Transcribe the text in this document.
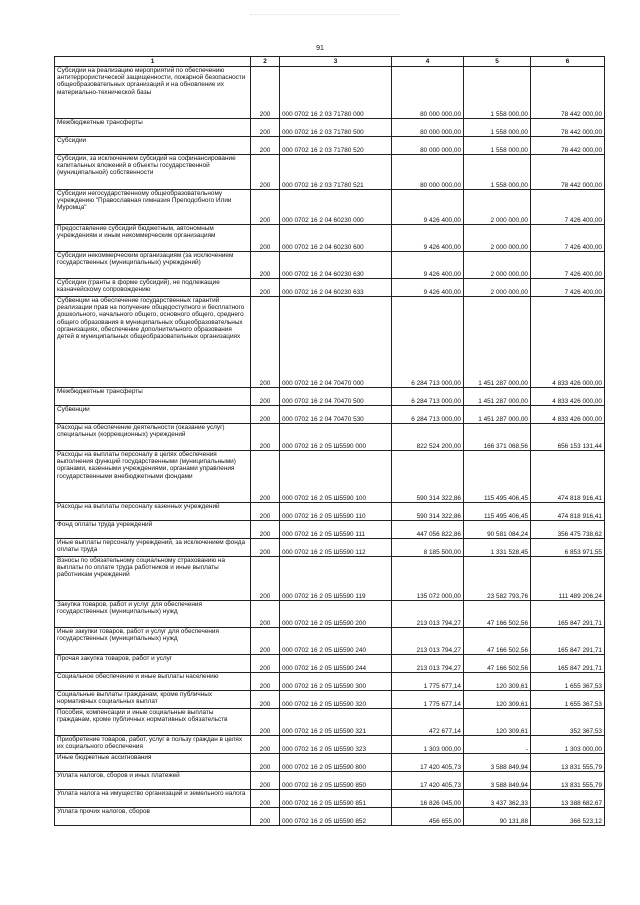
91
1	2	3	4	5	6
Субсидии на реализацию мероприятий по обеспечению антитеррористической защищенности, пожарной безопасности общеобразовательных организаций и на обновление их материально-технической базы	200	000 0702 16 2 03 71780 000	80 000 000,00	1 558 000,00	78 442 000,00
Межбюджетные трансферты	200	000 0702 16 2 03 71780 500	80 000 000,00	1 558 000,00	78 442 000,00
Субсидии	200	000 0702 16 2 03 71780 520	80 000 000,00	1 558 000,00	78 442 000,00
Субсидии, за исключением субсидий на софинансирование капитальных вложений в объекты государственной (муниципальной) собственности	200	000 0702 16 2 03 71780 521	80 000 000,00	1 558 000,00	78 442 000,00
Субсидии негосударственному общеобразовательному учреждению "Православная гимназия Преподобного Илии Муромца"	200	000 0702 16 2 04 60230 000	9 426 400,00	2 000 000,00	7 426 400,00
Предоставление субсидий бюджетным, автономным учреждениям и иным некоммерческим организациям	200	000 0702 16 2 04 60230 600	9 426 400,00	2 000 000,00	7 426 400,00
Субсидии некоммерческим организациям (за исключением государственных (муниципальных) учреждений)	200	000 0702 16 2 04 60230 630	9 426 400,00	2 000 000,00	7 426 400,00
Субсидии (гранты в форме субсидий), не подлежащие казначейскому сопровождению	200	000 0702 16 2 04 60230 633	9 426 400,00	2 000 000,00	7 426 400,00
Субвенции на обеспечение государственных гарантий реализации прав на получение общедоступного и бесплатного дошкольного, начального общего, основного общего, среднего общего образования в муниципальных общеобразовательных организациях, обеспечение дополнительного образования детей в муниципальных общеобразовательных организациях	200	000 0702 16 2 04 70470 000	6 284 713 000,00	1 451 287 000,00	4 833 426 000,00
Межбюджетные трансферты	200	000 0702 16 2 04 70470 500	6 284 713 000,00	1 451 287 000,00	4 833 426 000,00
Субвенции	200	000 0702 16 2 04 70470 530	6 284 713 000,00	1 451 287 000,00	4 833 426 000,00
Расходы на обеспечение деятельности (оказание услуг) специальных (коррекционных) учреждений	200	000 0702 16 2 05 Ш5590 000	822 524 200,00	166 371 068,56	656 153 131,44
Расходы на выплаты персоналу в целях обеспечения выполнения функций государственными (муниципальными) органами, казенными учреждениями, органами управления государственными внебюджетными фондами	200	000 0702 16 2 05 Ш5590 100	590 314 322,86	115 495 406,45	474 818 916,41
Расходы на выплаты персоналу казенных учреждений	200	000 0702 16 2 05 Ш5590 110	590 314 322,86	115 495 406,45	474 818 916,41
Фонд оплаты труда учреждений	200	000 0702 16 2 05 Ш5590 111	447 056 822,86	90 581 084,24	356 475 738,62
Иные выплаты персоналу учреждений, за исключением фонда оплаты труда	200	000 0702 16 2 05 Ш5590 112	8 185 500,00	1 331 528,45	6 853 971,55
Взносы по обязательному социальному страхованию на выплаты по оплате труда работников и иные выплаты работникам учреждений	200	000 0702 16 2 05 Ш5590 119	135 072 000,00	23 582 793,76	111 489 206,24
Закупка товаров, работ и услуг для обеспечения государственных (муниципальных) нужд	200	000 0702 16 2 05 Ш5590 200	213 013 794,27	47 166 502,56	165 847 291,71
Иные закупки товаров, работ и услуг для обеспечения государственных (муниципальных) нужд	200	000 0702 16 2 05 Ш5590 240	213 013 794,27	47 166 502,56	165 847 291,71
Прочая закупка товаров, работ и услуг	200	000 0702 16 2 05 Ш5590 244	213 013 794,27	47 166 502,56	165 847 291,71
Социальное обеспечение и иные выплаты населению	200	000 0702 16 2 05 Ш5590 300	1 775 677,14	120 309,61	1 655 367,53
Социальные выплаты гражданам, кроме публичных нормативных социальных выплат	200	000 0702 16 2 05 Ш5590 320	1 775 677,14	120 309,61	1 655 367,53
Пособия, компенсации и иные социальные выплаты гражданам, кроме публичных нормативных обязательств	200	000 0702 16 2 05 Ш5590 321	472 677,14	120 309,61	352 367,53
Приобретение товаров, работ, услуг в пользу граждан в целях их социального обеспечения	200	000 0702 16 2 05 Ш5590 323	1 303 000,00	-	1 303 000,00
Иные бюджетные ассигнования	200	000 0702 16 2 05 Ш5590 800	17 420 405,73	3 588 849,94	13 831 555,79
Уплата налогов, сборов и иных платежей	200	000 0702 16 2 05 Ш5590 850	17 420 405,73	3 588 849,94	13 831 555,79
Уплата налога на имущество организаций и земельного налога	200	000 0702 16 2 05 Ш5590 851	16 826 045,00	3 437 362,33	13 388 682,67
Уплата прочих налогов, сборов	200	000 0702 16 2 05 Ш5590 852	456 655,00	90 131,88	366 523,12
